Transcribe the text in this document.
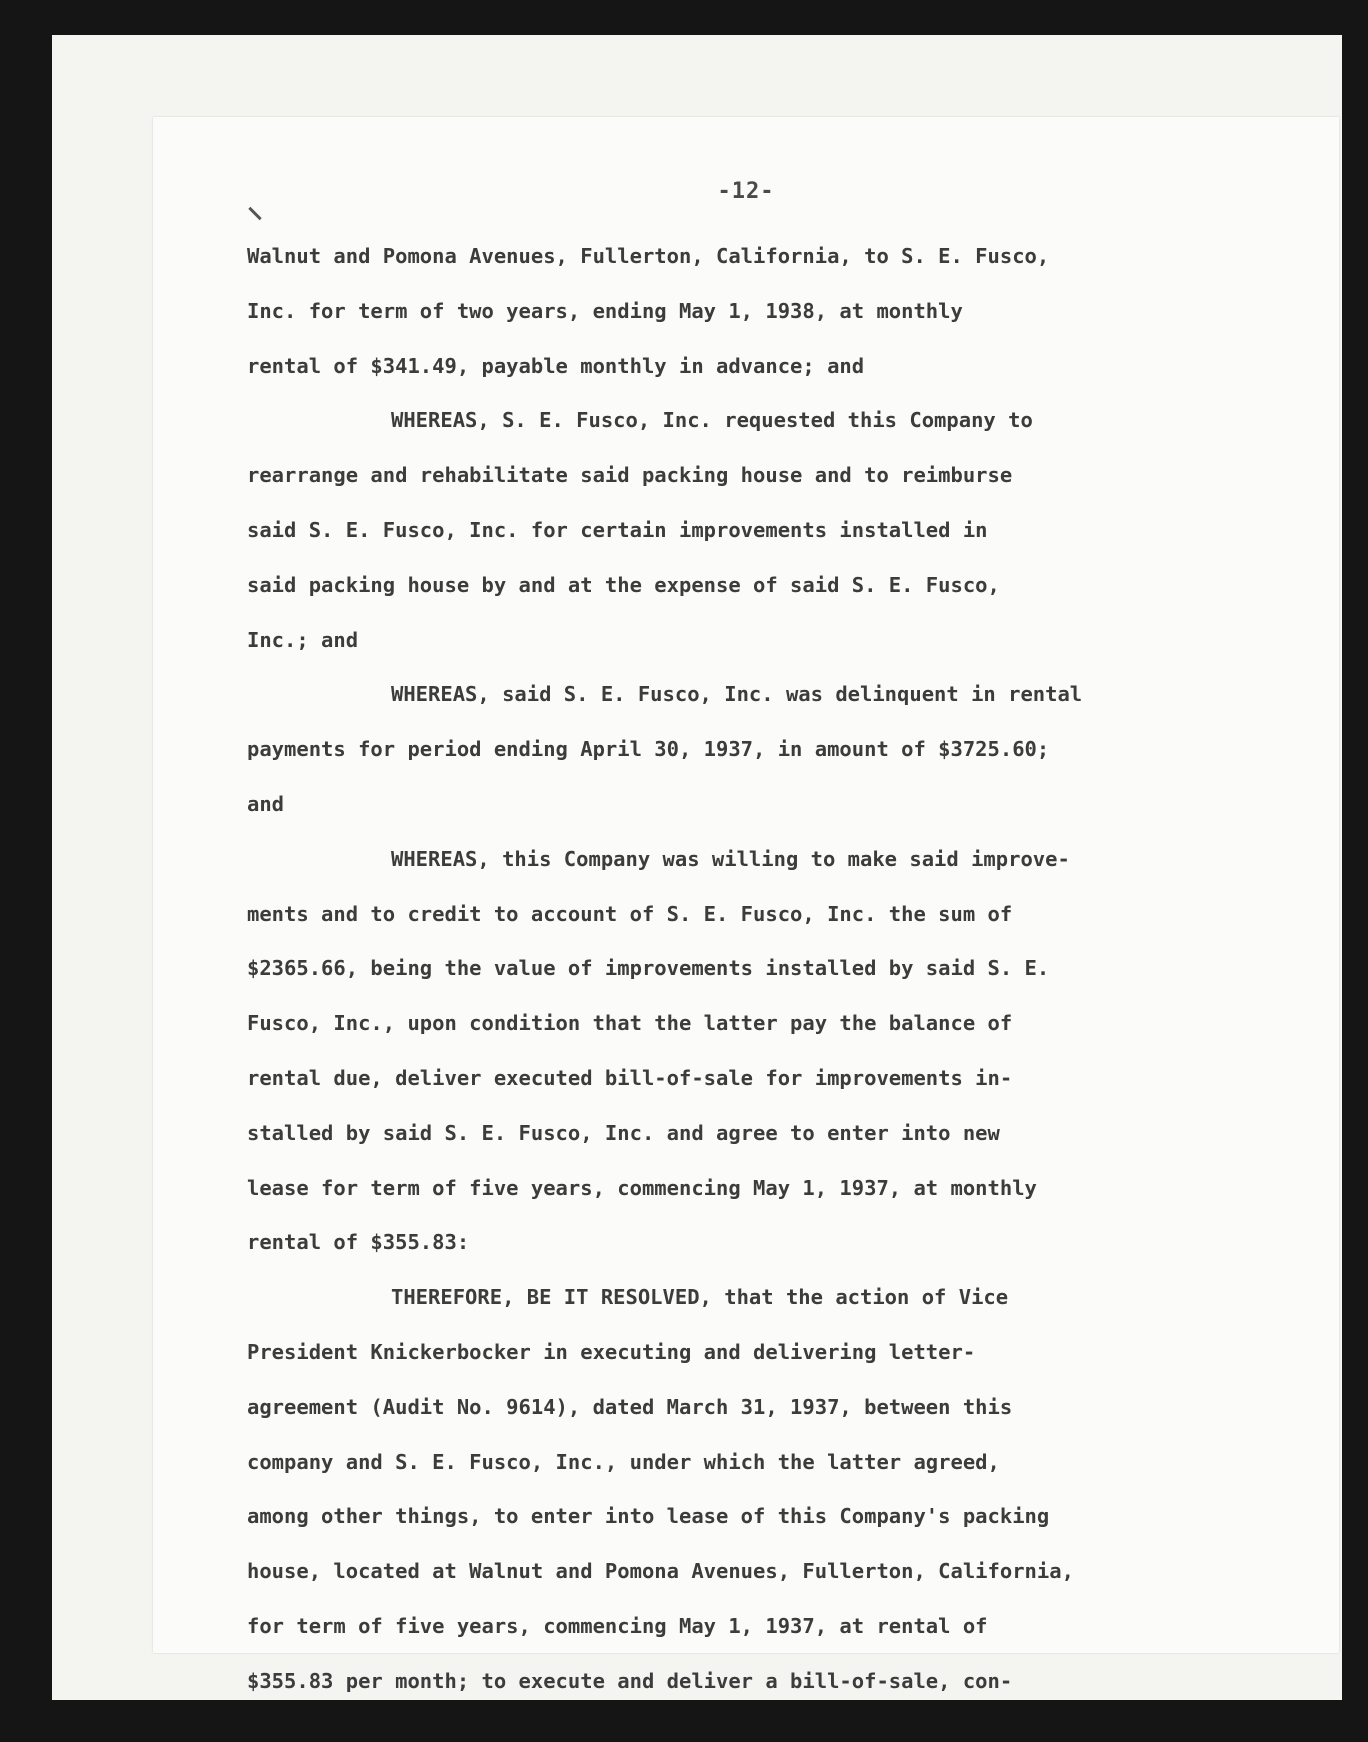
-12-
Walnut and Pomona Avenues, Fullerton, California, to S. E. Fusco,
Inc. for term of two years, ending May 1, 1938, at monthly
rental of $341.49, payable monthly in advance; and
WHEREAS, S. E. Fusco, Inc. requested this Company to
rearrange and rehabilitate said packing house and to reimburse
said S. E. Fusco, Inc. for certain improvements installed in
said packing house by and at the expense of said S. E. Fusco,
Inc.; and
WHEREAS, said S. E. Fusco, Inc. was delinquent in rental
payments for period ending April 30, 1937, in amount of $3725.60;
and
WHEREAS, this Company was willing to make said improve-
ments and to credit to account of S. E. Fusco, Inc. the sum of
$2365.66, being the value of improvements installed by said S. E.
Fusco, Inc., upon condition that the latter pay the balance of
rental due, deliver executed bill-of-sale for improvements in-
stalled by said S. E. Fusco, Inc. and agree to enter into new
lease for term of five years, commencing May 1, 1937, at monthly
rental of $355.83:
THEREFORE, BE IT RESOLVED, that the action of Vice
President Knickerbocker in executing and delivering letter-
agreement (Audit No. 9614), dated March 31, 1937, between this
company and S. E. Fusco, Inc., under which the latter agreed,
among other things, to enter into lease of this Company's packing
house, located at Walnut and Pomona Avenues, Fullerton, California,
for term of five years, commencing May 1, 1937, at rental of
$355.83 per month; to execute and deliver a bill-of-sale, con-
